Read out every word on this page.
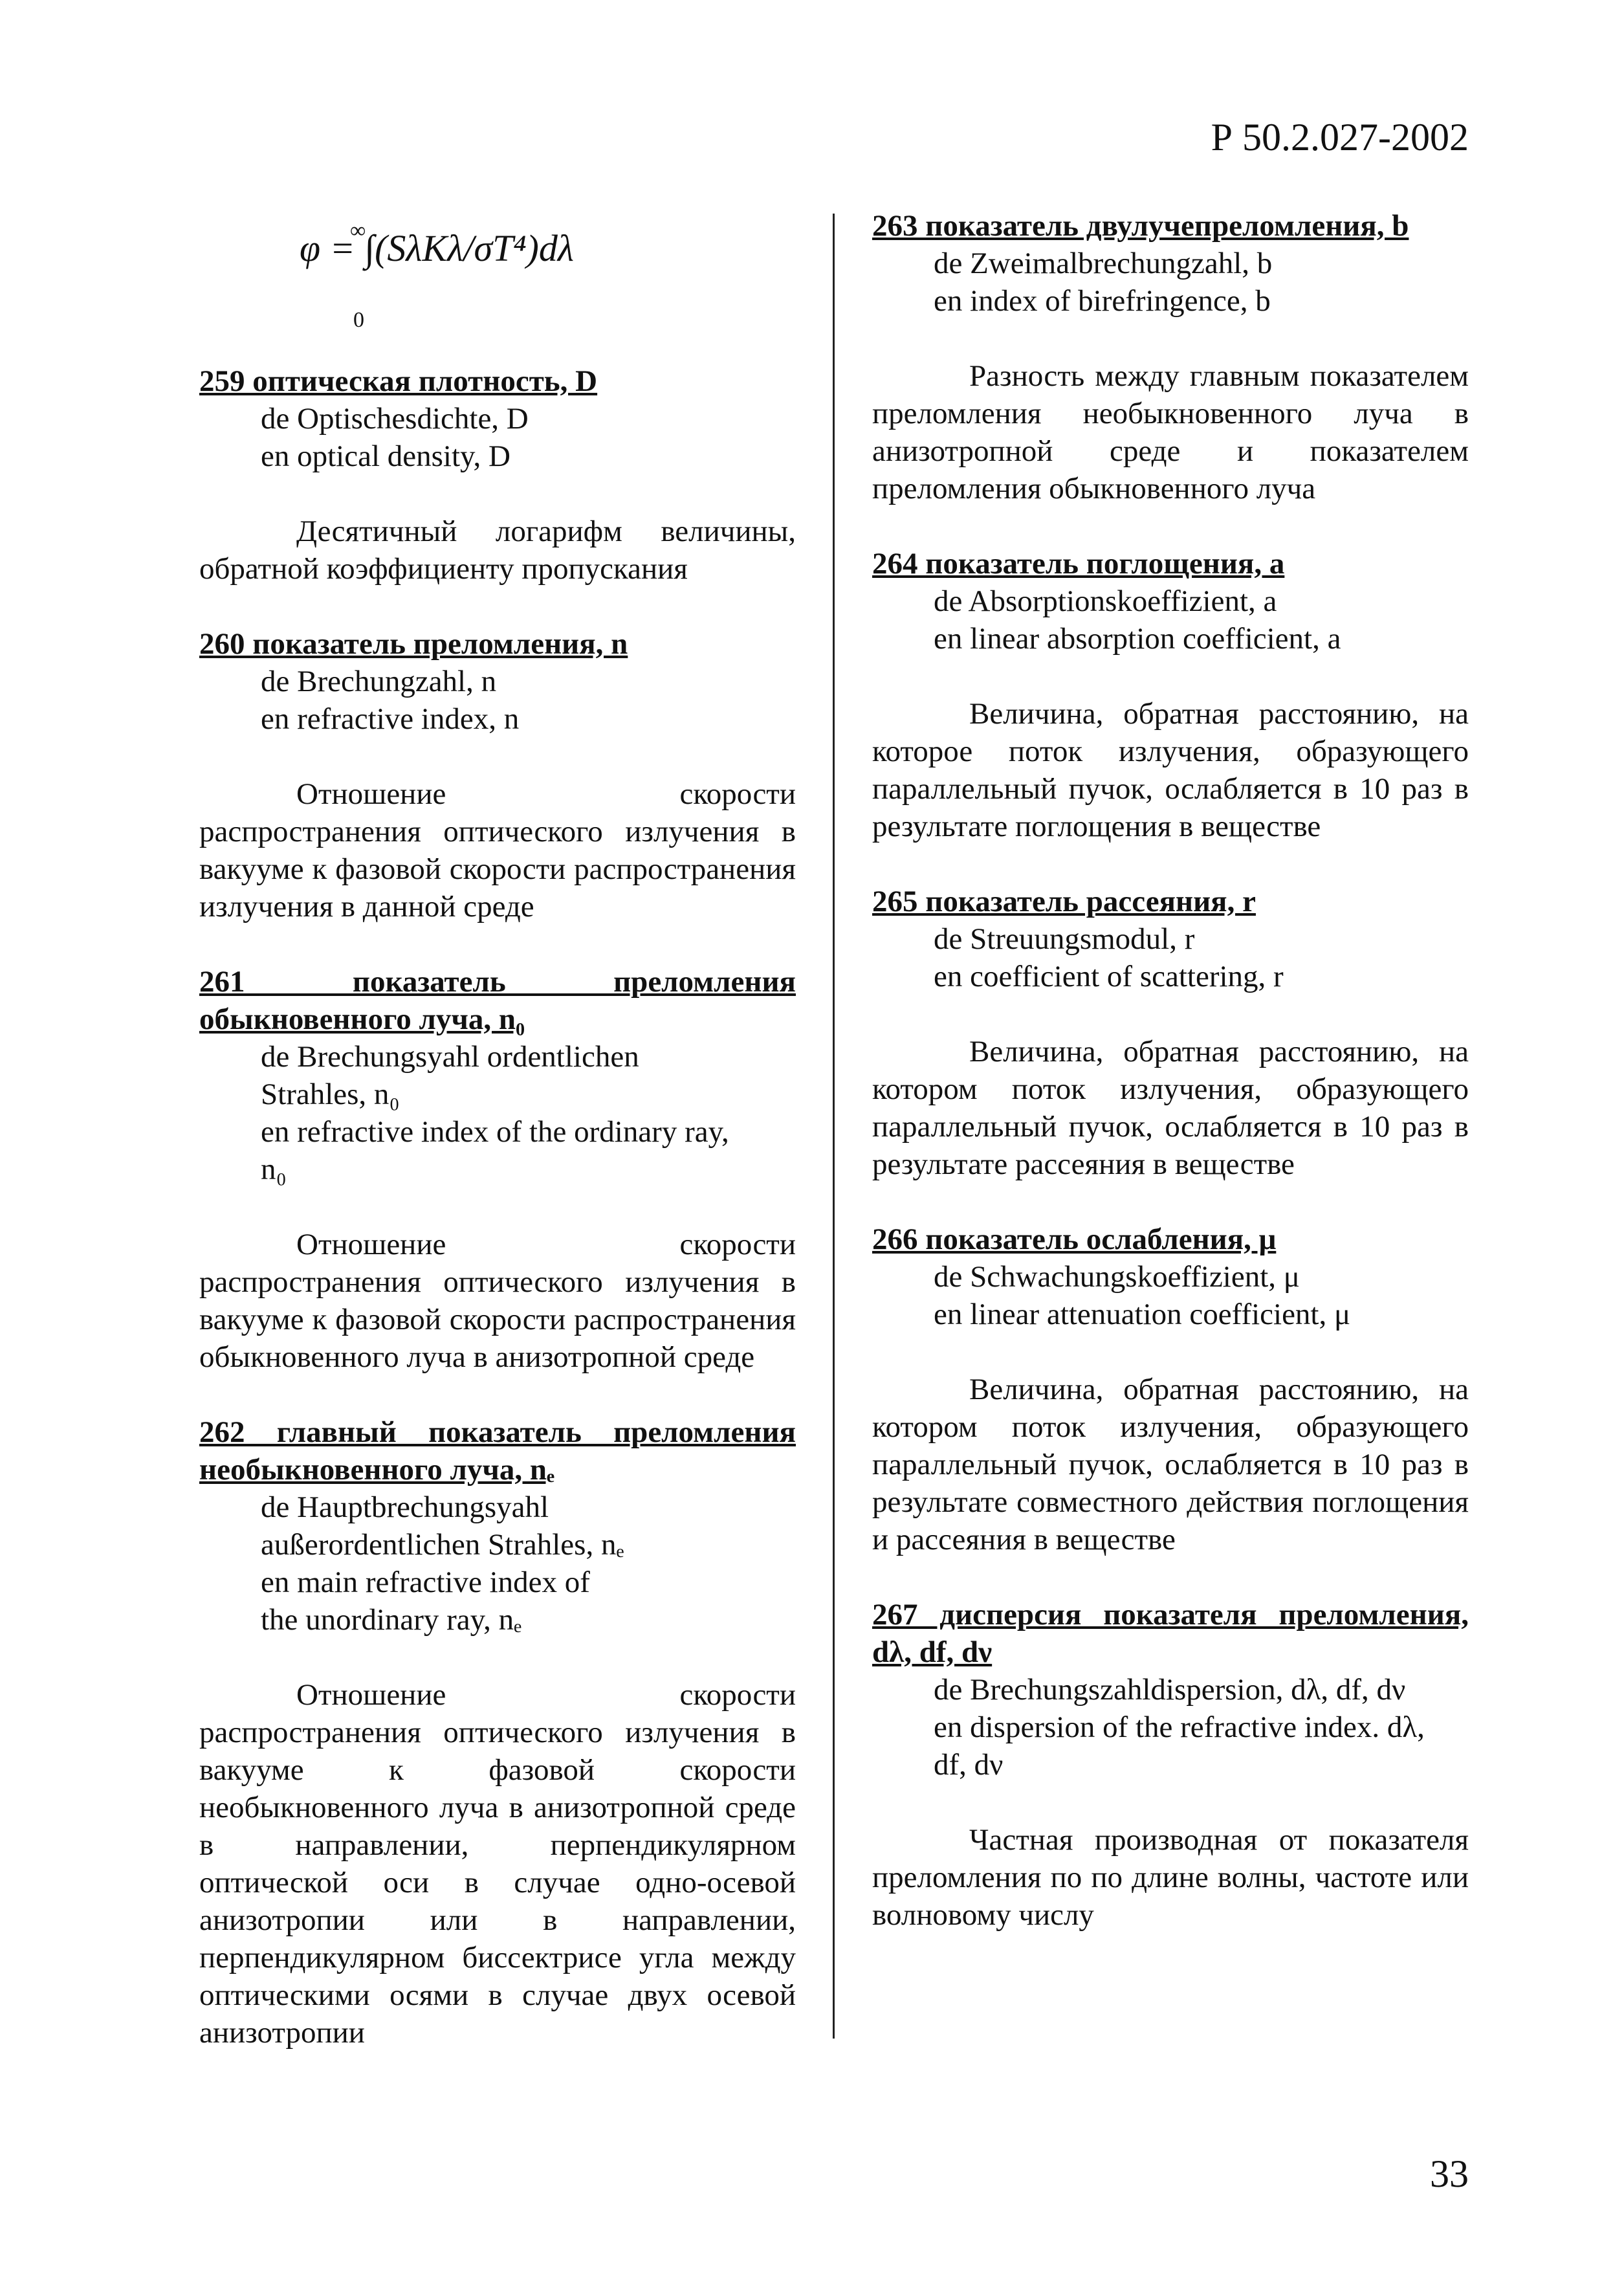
Р 50.2.027-2002
∞
φ = ∫(SλKλ/σT⁴)dλ
0
259 оптическая плотность, D
de Optischesdichte, D
en optical density, D
Десятичный логарифм величины, обратной коэффициенту пропускания
260 показатель преломления, n
de Brechungzahl, n
en refractive index, n
Отношение скорости распространения оптического излучения в вакууме к фазовой скорости распространения излучения в данной среде
261 показатель преломления обыкновенного луча, n₀
de Brechungsyahl ordentlichen
Strahles, n₀
en refractive index of the ordinary ray,
n₀
Отношение скорости распространения оптического излучения в вакууме к фазовой скорости распространения обыкновенного луча в анизотропной среде
262 главный показатель преломления необыкновенного луча, nₑ
de Hauptbrechungsyahl
außerordentlichen Strahles, nₑ
en main refractive index of
the unordinary ray, nₑ
Отношение скорости распространения оптического излучения в вакууме к фазовой скорости необыкновенного луча в анизотропной среде в направлении, перпендикулярном оптической оси в случае одно-осевой анизотропии или в направлении, перпендикулярном биссектрисе угла между оптическими осями в случае двух осевой анизотропии
263 показатель двулучепреломления, b
de Zweimalbrechungzahl, b
en index of birefringence, b
Разность между главным показателем преломления необыкновенного луча в анизотропной среде и показателем преломления обыкновенного луча
264 показатель поглощения, a
de Absorptionskoeffizient, a
en linear absorption coefficient, a
Величина, обратная расстоянию, на которое поток излучения, образующего параллельный пучок, ослабляется в 10 раз в результате поглощения в веществе
265 показатель рассеяния, r
de Streuungsmodul, r
en coefficient of scattering, r
Величина, обратная расстоянию, на котором поток излучения, образующего параллельный пучок, ослабляется в 10 раз в результате рассеяния в веществе
266 показатель ослабления, μ
de Schwachungskoeffizient, μ
en linear attenuation coefficient, μ
Величина, обратная расстоянию, на котором поток излучения, образующего параллельный пучок, ослабляется в 10 раз в результате совместного действия поглощения и рассеяния в веществе
267 дисперсия показателя преломления, dλ, df, dν
de Brechungszahldispersion, dλ, df, dν
en dispersion of the refractive index. dλ,
df, dν
Частная производная от показателя преломления по по длине волны, частоте или волновому числу
33
